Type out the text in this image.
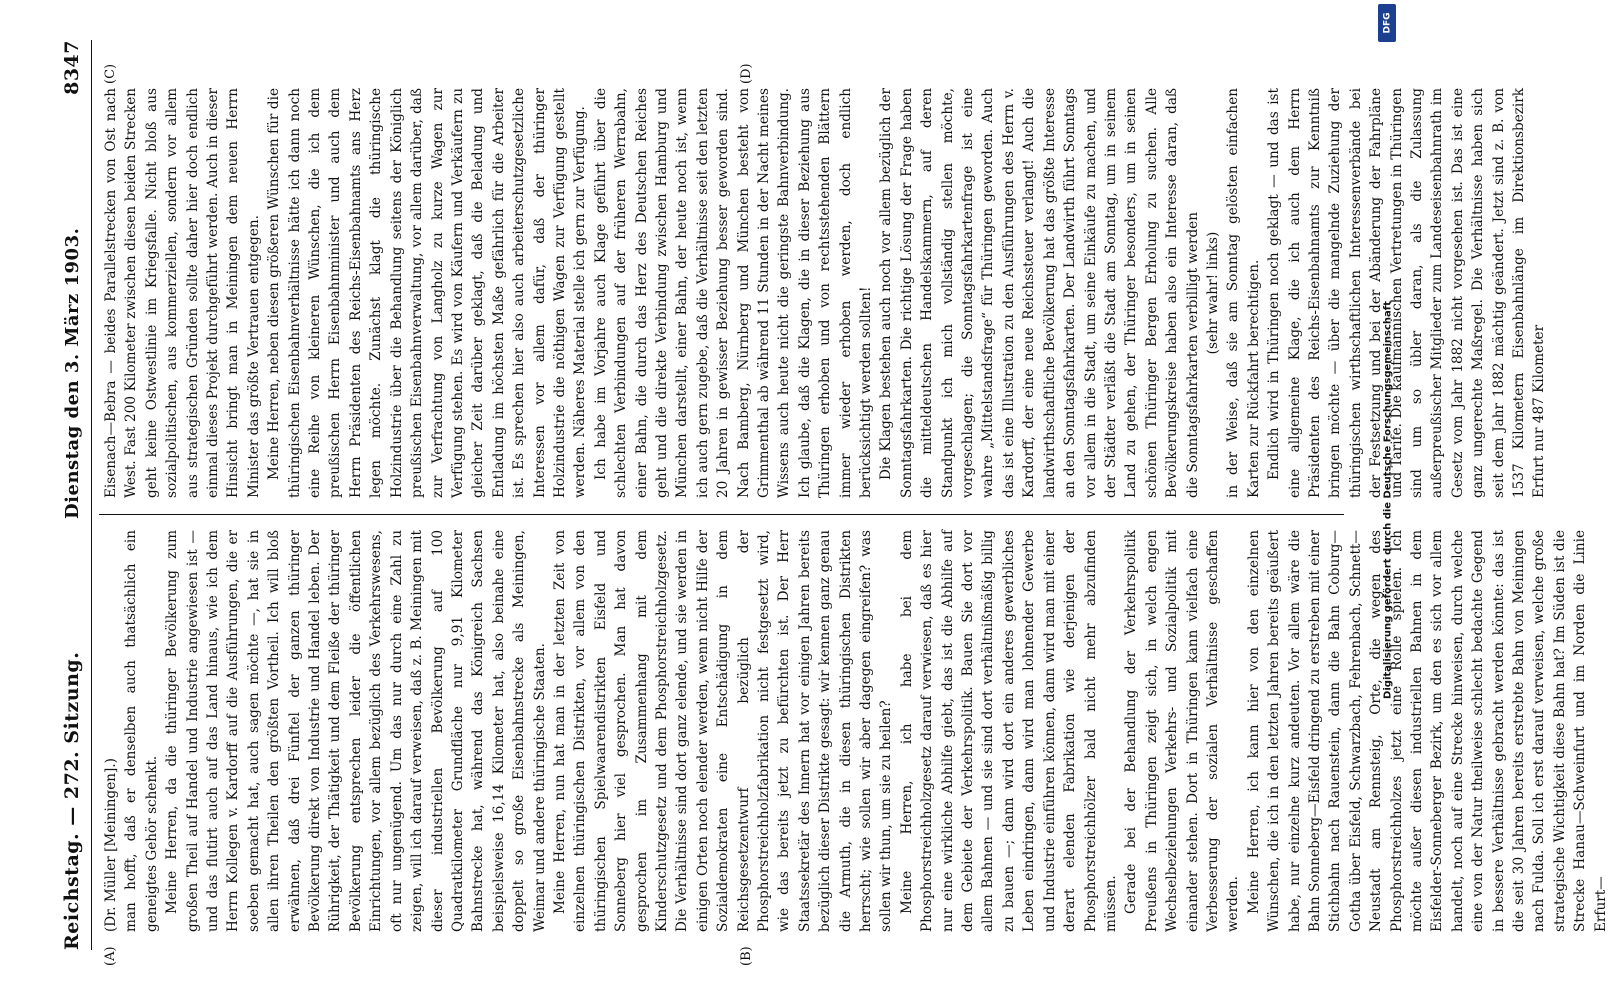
Reichstag. — 272. Sitzung.
Dienstag den 3. März 1903.
8347
(A)	(B)
(C)	(D)

(Dr. Müller [Meiningen].) man hofft, daß er denselben auch thatsächlich ein geneigtes Gehör schenkt. Meine Herren, da die thüringer Bevölkerung zum großen Theil auf Handel und Industrie angewiesen ist — und das flutirt auch auf das Land hinaus, wie ich dem Herrn Kollegen v. Kardorff auf die Ausführungen, die er soeben gemacht hat, auch sagen möchte —, hat sie in allen ihren Theilen den größten Vortheil. Ich will bloß erwähnen, daß drei Fünftel der ganzen thüringer Bevölkerung direkt von Industrie und Handel leben. Der Rührigkeit, der Thätigkeit und dem Fleiße der thüringer Bevölkerung entsprechen leider die öffentlichen Einrichtungen, vor allem bezüglich des Verkehrswesens, oft nur ungenügend. Um das nur durch eine Zahl zu zeigen, will ich darauf verweisen, daß z. B. Meiningen mit dieser industriellen Bevölkerung auf 100 Quadratkilometer Grundfläche nur 9,91 Kilometer Bahnstrecke hat, während das Königreich Sachsen beispielsweise 16,14 Kilometer hat, also beinahe eine doppelt so große Eisenbahnstrecke als Meiningen, Weimar und andere thüringische Staaten. Meine Herren, nun hat man in der letzten Zeit von einzelnen thüringischen Distrikten, vor allem von den thüringischen Spielwaarendistrikten Eisfeld und Sonneberg hier viel gesprochen. Man hat davon gesprochen im Zusammenhang mit dem Kinderschutzgesetz und dem Phosphorstreichholzgesetz. Die Verhältnisse sind dort ganz elende, und sie werden in einigen Orten noch elender werden, wenn nicht Hilfe der Sozialdemokraten eine Entschädigung in dem Reichsgesetzentwurf bezüglich der Phosphorstreichholzfabrikation nicht festgesetzt wird, wie das bereits jetzt zu befürchten ist. Der Herr Staatssekretär des Innern hat vor einigen Jahren bereits bezüglich dieser Distrikte gesagt: wir kennen ganz genau die Armuth, die in diesen thüringischen Distrikten herrscht; wie sollen wir aber dagegen eingreifen? was sollen wir thun, um sie zu heilen? Meine Herren, ich habe bei dem Phosphorstreichholzgesetz darauf verwiesen, daß es hier nur eine wirkliche Abhilfe giebt, das ist die Abhilfe auf dem Gebiete der Verkehrspolitik. Bauen Sie dort vor allem Bahnen — und sie sind dort verhältnißmäßig billig zu bauen —; dann wird dort ein anderes gewerbliches Leben eindringen, dann wird man lohnender Gewerbe und Industrie einführen können, dann wird man mit einer derart elenden Fabrikation wie derjenigen der Phosphorstreichhölzer bald nicht mehr abzufinden müssen. Gerade bei der Behandlung der Verkehrspolitik Preußens in Thüringen zeigt sich, in welch engen Wechselbeziehungen Verkehrs- und Sozialpolitik mit einander stehen. Dort in Thüringen kann vielfach eine Verbesserung der sozialen Verhältnisse geschaffen werden. Meine Herren, ich kann hier von den einzelnen Wünschen, die ich in den letzten Jahren bereits geäußert habe, nur einzelne kurz andeuten. Vor allem wäre die Bahn Sonneberg—Eisfeld dringend zu erstreben mit einer Stichbahn nach Rauenstein, dann die Bahn Coburg—Gotha über Eisfeld, Schwarzbach, Fehrenbach, Schnett—Neustadt am Rennsteig, Orte, die wegen des Phosphorstreichholzes jetzt eine Rolle spielen. Ich möchte außer diesen industriellen Bahnen in dem Eisfelder-Sonneberger Bezirk, um den es sich vor allem handelt, noch auf eine Strecke hinweisen, durch welche eine von der Natur theilweise schlecht bedachte Gegend in bessere Verhältnisse gebracht werden könnte: das ist die seit 30 Jahren bereits erstrebte Bahn von Meiningen nach Fulda. Soll ich erst darauf verweisen, welche große strategische Wichtigkeit diese Bahn hat? Im Süden ist die Strecke Hanau—Schweinfurt und im Norden die Linie Erfurt—

Eisenach—Bebra — beides Parallelstrecken von Ost nach West. Fast 200 Kilometer zwischen diesen beiden Strecken geht keine Ostwestlinie im Kriegsfalle. Nicht bloß aus sozialpolitischen, aus kommerziellen, sondern vor allem aus strategischen Gründen sollte daher hier doch endlich einmal dieses Projekt durchgeführt werden. Auch in dieser Hinsicht bringt man in Meiningen dem neuen Herrn Minister das größte Vertrauen entgegen. Meine Herren, neben diesen größeren Wünschen für die thüringischen Eisenbahnverhältnisse hätte ich dann noch eine Reihe von kleineren Wünschen, die ich dem preußischen Herrn Eisenbahnminister und auch dem Herrn Präsidenten des Reichs-Eisenbahnamts ans Herz legen möchte. Zunächst klagt die thüringische Holzindustrie über die Behandlung seitens der Königlich preußischen Eisenbahnverwaltung, vor allem darüber, daß zur Verfrachtung von Langholz zu kurze Wagen zur Verfügung stehen. Es wird von Käufern und Verkäufern zu gleicher Zeit darüber geklagt, daß die Beladung und Entladung im höchsten Maße gefährlich für die Arbeiter ist. Es sprechen hier also auch arbeiterschutzgesetzliche Interessen vor allem dafür, daß der thüringer Holzindustrie die nöthigen Wagen zur Verfügung gestellt werden. Näheres Material stelle ich gern zur Verfügung. Ich habe im Vorjahre auch Klage geführt über die schlechten Verbindungen auf der früheren Werrabahn, einer Bahn, die durch das Herz des Deutschen Reiches geht und die direkte Verbindung zwischen Hamburg und München darstellt, einer Bahn, der heute noch ist, wenn ich auch gern zugebe, daß die Verhältnisse seit den letzten 20 Jahren in gewisser Beziehung besser geworden sind. Nach Bamberg, Nürnberg und München besteht von Grimmenthal ab während 11 Stunden in der Nacht meines Wissens auch heute nicht die geringste Bahnverbindung. Ich glaube, daß die Klagen, die in dieser Beziehung aus Thüringen erhoben und von rechtsstehenden Blättern immer wieder erhoben werden, doch endlich berücksichtigt werden sollten! Die Klagen bestehen auch noch vor allem bezüglich der Sonntagsfahrkarten. Die richtige Lösung der Frage haben die mitteldeutschen Handelskammern, auf deren Standpunkt ich mich vollständig stellen möchte, vorgeschlagen; die Sonntagsfahrkartenfrage ist eine wahre „Mittelstandsfrage“ für Thüringen geworden. Auch das ist eine Illustration zu den Ausführungen des Herrn v. Kardorff, der eine neue Reichssteuer verlangt! Auch die landwirthschaftliche Bevölkerung hat das größte Interesse an den Sonntagsfahrkarten. Der Landwirth führt Sonntags vor allem in die Stadt, um seine Einkäufe zu machen, und der Städter verläßt die Stadt am Sonntag, um in seinem Land zu gehen, der Thüringer besonders, um in seinen schönen Thüringer Bergen Erholung zu suchen. Alle Bevölkerungskreise haben also ein Interesse daran, daß die Sonntagsfahrkarten verbilligt werden (sehr wahr! links) in der Weise, daß sie am Sonntag gelösten einfachen Karten zur Rückfahrt berechtigen. Endlich wird in Thüringen noch geklagt — und das ist eine allgemeine Klage, die ich auch dem Herrn Präsidenten des Reichs-Eisenbahnamts zur Kenntniß bringen möchte — über die mangelnde Zuziehung der thüringischen wirthschaftlichen Interessenverbände bei der Festsetzung und bei der Abänderung der Fahrpläne und Tarife. Die kaufmännischen Vertretungen in Thüringen sind um so übler daran, als die Zulassung außerpreußischer Mitglieder zum Landeseisenbahnrath im Gesetz vom Jahr 1882 nicht vorgesehen ist. Das ist eine ganz ungerechte Maßregel. Die Verhältnisse haben sich seit dem Jahr 1882 mächtig geändert. Jetzt sind z. B. von 1537 Kilometern Eisenbahnlänge im Direktionsbezirk Erfurt nur 487 Kilometer

Digitalisierung gefördert durch die Deutsche Forschungsgemeinschaft
DFG
